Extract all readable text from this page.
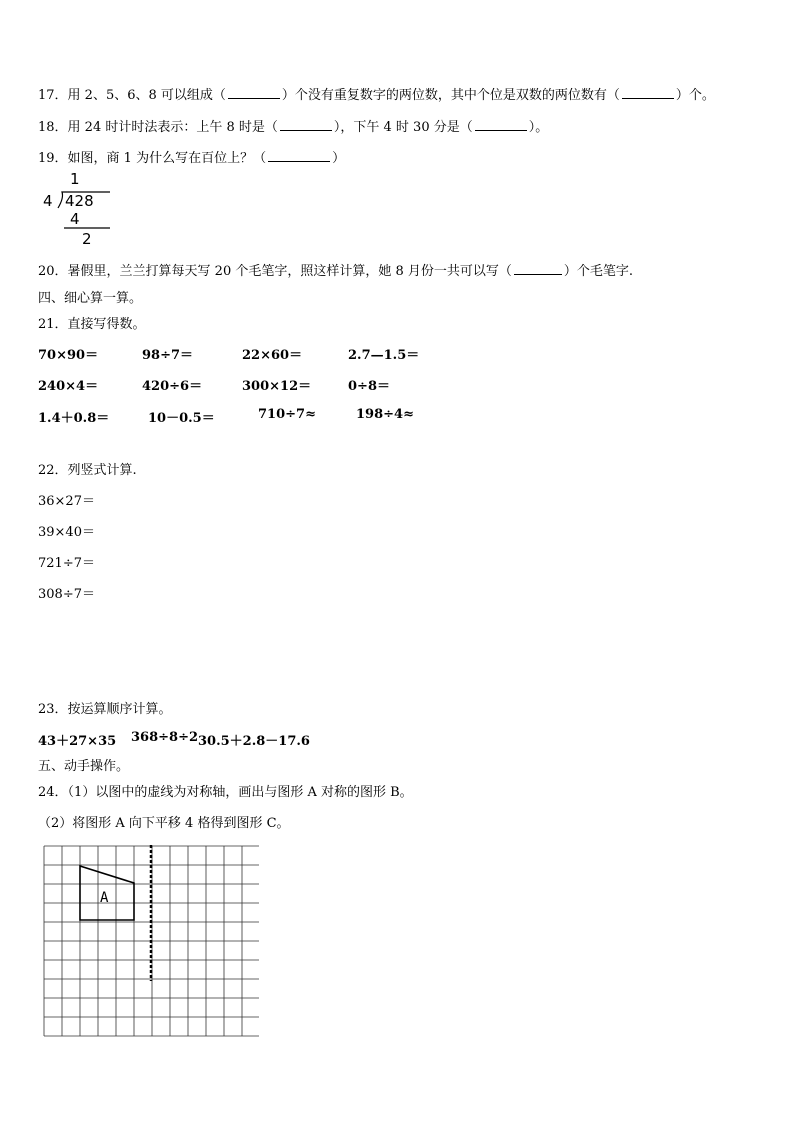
17．用 2、5、6、8 可以组成（	）个没有重复数字的两位数，其中个位是双数的两位数有（	）个。
18．用 24 时计时法表示：上午 8 时是（	），下午 4 时 30 分是（	）。
19．如图，商 1 为什么写在百位上？（	）
1
4 428
4
2
20．暑假里，兰兰打算每天写 20 个毛笔字，照这样计算，她 8 月份一共可以写（	）个毛笔字.
四、细心算一算。
21．直接写得数。
70×90＝	98÷7＝	22×60＝	2.7—1.5＝
240×4＝	420÷6＝	300×12＝	0÷8＝
1.4＋0.8＝	10－0.5＝	710÷7≈	198÷4≈
22．列竖式计算.
36×27＝
39×40＝
721÷7＝
308÷7＝
23．按运算顺序计算。
43＋27×35 368÷8÷2 30.5＋2.8－17.6
五、动手操作。
24．（1）以图中的虚线为对称轴，画出与图形 A 对称的图形 B。
（2）将图形 A 向下平移 4 格得到图形 C。
A
